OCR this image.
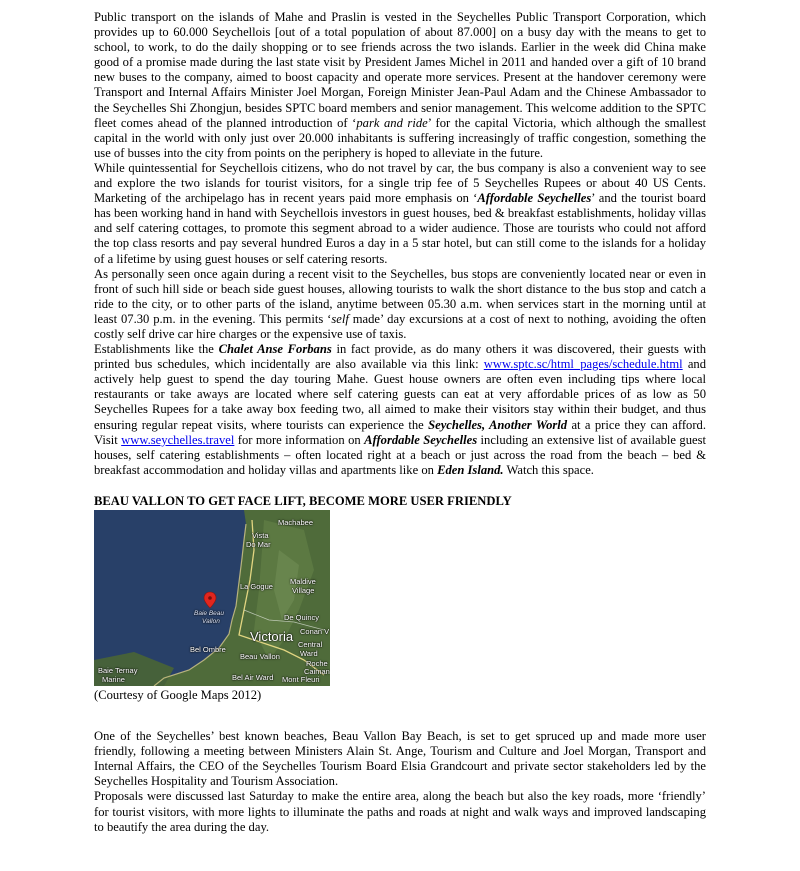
Public transport on the islands of Mahe and Praslin is vested in the Seychelles Public Transport Corporation, which provides up to 60.000 Seychellois [out of a total population of about 87.000] on a busy day with the means to get to school, to work, to do the daily shopping or to see friends across the two islands. Earlier in the week did China make good of a promise made during the last state visit by President James Michel in 2011 and handed over a gift of 10 brand new buses to the company, aimed to boost capacity and operate more services. Present at the handover ceremony were Transport and Internal Affairs Minister Joel Morgan, Foreign Minister Jean-Paul Adam and the Chinese Ambassador to the Seychelles Shi Zhongjun, besides SPTC board members and senior management. This welcome addition to the SPTC fleet comes ahead of the planned introduction of ‘park and ride’ for the capital Victoria, which although the smallest capital in the world with only just over 20.000 inhabitants is suffering increasingly of traffic congestion, something the use of busses into the city from points on the periphery is hoped to alleviate in the future.

While quintessential for Seychellois citizens, who do not travel by car, the bus company is also a convenient way to see and explore the two islands for tourist visitors, for a single trip fee of 5 Seychelles Rupees or about 40 US Cents. Marketing of the archipelago has in recent years paid more emphasis on ‘Affordable Seychelles’ and the tourist board has been working hand in hand with Seychellois investors in guest houses, bed & breakfast establishments, holiday villas and self catering cottages, to promote this segment abroad to a wider audience. Those are tourists who could not afford the top class resorts and pay several hundred Euros a day in a 5 star hotel, but can still come to the islands for a holiday of a lifetime by using guest houses or self catering resorts.

As personally seen once again during a recent visit to the Seychelles, bus stops are conveniently located near or even in front of such hill side or beach side guest houses, allowing tourists to walk the short distance to the bus stop and catch a ride to the city, or to other parts of the island, anytime between 05.30 a.m. when services start in the morning until at least 07.30 p.m. in the evening. This permits ‘self made’ day excursions at a cost of next to nothing, avoiding the often costly self drive car hire charges or the expensive use of taxis.

Establishments like the Chalet Anse Forbans in fact provide, as do many others it was discovered, their guests with printed bus schedules, which incidentally are also available via this link: www.sptc.sc/html_pages/schedule.html and actively help guest to spend the day touring Mahe. Guest house owners are often even including tips where local restaurants or take aways are located where self catering guests can eat at very affordable prices of as low as 50 Seychelles Rupees for a take away box feeding two, all aimed to make their visitors stay within their budget, and thus ensuring regular repeat visits, where tourists can experience the Seychelles, Another World at a price they can afford. Visit www.seychelles.travel for more information on Affordable Seychelles including an extensive list of available guest houses, self catering establishments – often located right at a beach or just across the road from the beach – bed & breakfast accommodation and holiday villas and apartments like on Eden Island. Watch this space.

BEAU VALLON TO GET FACE LIFT, BECOME MORE USER FRIENDLY
Machabee
Vista
Do Mar
La Gogue
Maldive
Village
Baie Beau
Vallon	De Quincy
Victoria Conan V
Bel Ombre
Central
Ward
Beau Vallon
Baie Ternay
Marine	Bel Air Ward
Roche
Caiman
Mont Fleuri
(Courtesy of Google Maps 2012)

One of the Seychelles’ best known beaches, Beau Vallon Bay Beach, is set to get spruced up and made more user friendly, following a meeting between Ministers Alain St. Ange, Tourism and Culture and Joel Morgan, Transport and Internal Affairs, the CEO of the Seychelles Tourism Board Elsia Grandcourt and private sector stakeholders led by the Seychelles Hospitality and Tourism Association.

Proposals were discussed last Saturday to make the entire area, along the beach but also the key roads, more ‘friendly’ for tourist visitors, with more lights to illuminate the paths and roads at night and walk ways and improved landscaping to beautify the area during the day.
